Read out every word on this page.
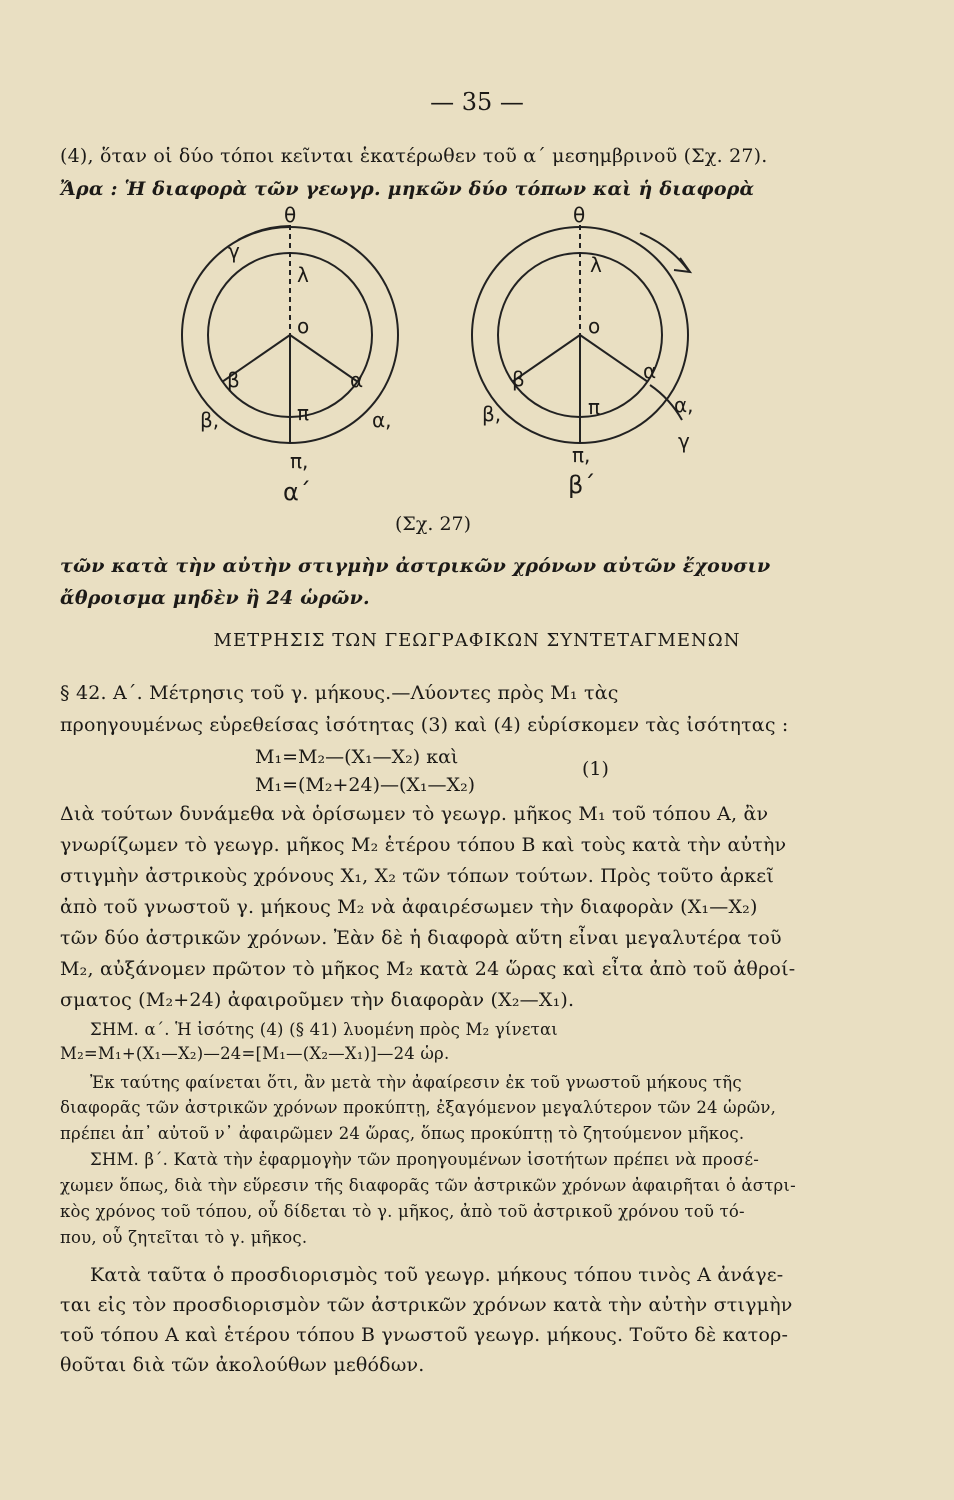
— 35 —
(4), ὅταν οἱ δύο τόποι κεῖνται ἑκατέρωθεν τοῦ α΄ μεσημβρινοῦ (Σχ. 27).
Ἄρα : Ἡ διαφορὰ τῶν γεωγρ. μηκῶν δύο τόπων καὶ ἡ διαφορὰ
θ
γ
λ
ο
β	α
β,	α,
π
π,
α΄
θ
λ
ο
β	α
β,	α,
π
π,
γ
β΄
(Σχ. 27)
τῶν κατὰ τὴν αὐτὴν στιγμὴν ἀστρικῶν χρόνων αὐτῶν ἔχουσιν
ἄθροισμα μηδὲν ἢ 24 ὡρῶν.
ΜΕΤΡΗΣΙΣ ΤΩΝ ΓΕΩΓΡΑΦΙΚΩΝ ΣΥΝΤΕΤΑΓΜΕΝΩΝ
§ 42. Α΄. Μέτρησις τοῦ γ. μήκους.—Λύοντες πρὸς Μ₁ τὰς
προηγουμένως εὑρεθείσας ἰσότητας (3) καὶ (4) εὑρίσκομεν τὰς ἰσότητας :
Μ₁=Μ₂—(Χ₁—Χ₂) καὶ
Μ₁=(Μ₂+24)—(Χ₁—Χ₂)
(1)
Διὰ τούτων δυνάμεθα νὰ ὁρίσωμεν τὸ γεωγρ. μῆκος Μ₁ τοῦ τόπου Α, ἂν
γνωρίζωμεν τὸ γεωγρ. μῆκος Μ₂ ἑτέρου τόπου Β καὶ τοὺς κατὰ τὴν αὐτὴν
στιγμὴν ἀστρικοὺς χρόνους Χ₁, Χ₂ τῶν τόπων τούτων. Πρὸς τοῦτο ἀρκεῖ
ἀπὸ τοῦ γνωστοῦ γ. μήκους Μ₂ νὰ ἀφαιρέσωμεν τὴν διαφορὰν (Χ₁—Χ₂)
τῶν δύο ἀστρικῶν χρόνων. Ἐὰν δὲ ἡ διαφορὰ αὕτη εἶναι μεγαλυτέρα τοῦ
Μ₂, αὐξάνομεν πρῶτον τὸ μῆκος Μ₂ κατὰ 24 ὥρας καὶ εἶτα ἀπὸ τοῦ ἀθροί-
σματος (Μ₂+24) ἀφαιροῦμεν τὴν διαφορὰν (Χ₂—Χ₁).
ΣΗΜ. α΄. Ἡ ἰσότης (4) (§ 41) λυομένη πρὸς Μ₂ γίνεται
Μ₂=Μ₁+(Χ₁—Χ₂)—24=[Μ₁—(Χ₂—Χ₁)]—24 ὡρ.
Ἐκ ταύτης φαίνεται ὅτι, ἂν μετὰ τὴν ἀφαίρεσιν ἐκ τοῦ γνωστοῦ μήκους τῆς
διαφορᾶς τῶν ἀστρικῶν χρόνων προκύπτῃ, ἐξαγόμενον μεγαλύτερον τῶν 24 ὡρῶν,
πρέπει ἀπ᾽ αὐτοῦ ν᾽ ἀφαιρῶμεν 24 ὥρας, ὅπως προκύπτῃ τὸ ζητούμενον μῆκος.
ΣΗΜ. β΄. Κατὰ τὴν ἐφαρμογὴν τῶν προηγουμένων ἰσοτήτων πρέπει νὰ προσέ-
χωμεν ὅπως, διὰ τὴν εὕρεσιν τῆς διαφορᾶς τῶν ἀστρικῶν χρόνων ἀφαιρῆται ὁ ἀστρι-
κὸς χρόνος τοῦ τόπου, οὗ δίδεται τὸ γ. μῆκος, ἀπὸ τοῦ ἀστρικοῦ χρόνου τοῦ τό-
που, οὗ ζητεῖται τὸ γ. μῆκος.
Κατὰ ταῦτα ὁ προσδιορισμὸς τοῦ γεωγρ. μήκους τόπου τινὸς Α ἀνάγε-
ται εἰς τὸν προσδιορισμὸν τῶν ἀστρικῶν χρόνων κατὰ τὴν αὐτὴν στιγμὴν
τοῦ τόπου Α καὶ ἑτέρου τόπου Β γνωστοῦ γεωγρ. μήκους. Τοῦτο δὲ κατορ-
θοῦται διὰ τῶν ἀκολούθων μεθόδων.
